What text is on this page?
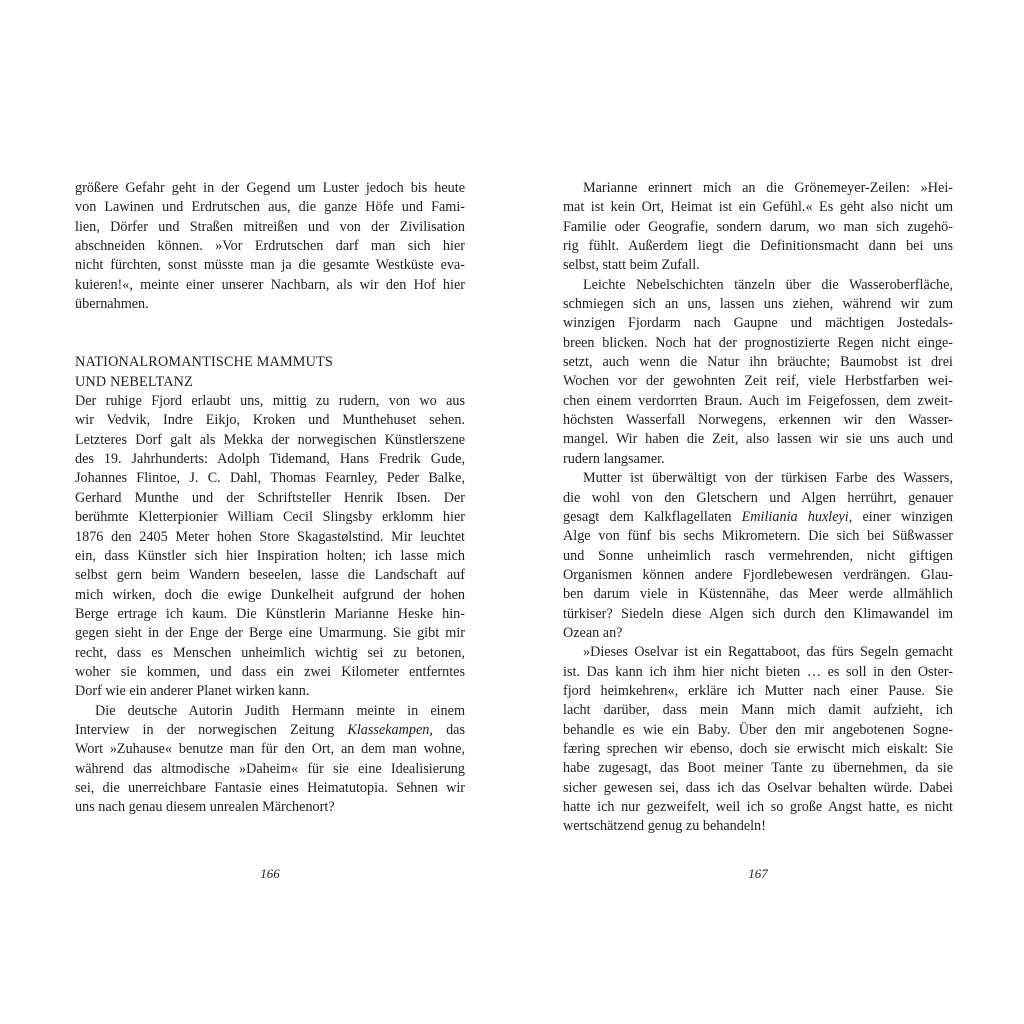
größere Gefahr geht in der Gegend um Luster jedoch bis heute
von Lawinen und Erdrutschen aus, die ganze Höfe und Fami-
lien, Dörfer und Straßen mitreißen und von der Zivilisation
abschneiden können. »Vor Erdrutschen darf man sich hier
nicht fürchten, sonst müsste man ja die gesamte Westküste eva-
kuieren!«, meinte einer unserer Nachbarn, als wir den Hof hier
übernahmen.
NATIONALROMANTISCHE MAMMUTS
UND NEBELTANZ
Der ruhige Fjord erlaubt uns, mittig zu rudern, von wo aus
wir Vedvik, Indre Eikjo, Kroken und Munthehuset sehen.
Letzteres Dorf galt als Mekka der norwegischen Künstlerszene
des 19. Jahrhunderts: Adolph Tidemand, Hans Fredrik Gude,
Johannes Flintoe, J. C. Dahl, Thomas Fearnley, Peder Balke,
Gerhard Munthe und der Schriftsteller Henrik Ibsen. Der
berühmte Kletterpionier William Cecil Slingsby erklomm hier
1876 den 2405 Meter hohen Store Skagastølstind. Mir leuchtet
ein, dass Künstler sich hier Inspiration holten; ich lasse mich
selbst gern beim Wandern beseelen, lasse die Landschaft auf
mich wirken, doch die ewige Dunkelheit aufgrund der hohen
Berge ertrage ich kaum. Die Künstlerin Marianne Heske hin-
gegen sieht in der Enge der Berge eine Umarmung. Sie gibt mir
recht, dass es Menschen unheimlich wichtig sei zu betonen,
woher sie kommen, und dass ein zwei Kilometer entferntes
Dorf wie ein anderer Planet wirken kann.
Die deutsche Autorin Judith Hermann meinte in einem
Interview in der norwegischen Zeitung Klassekampen, das
Wort »Zuhause« benutze man für den Ort, an dem man wohne,
während das altmodische »Daheim« für sie eine Idealisierung
sei, die unerreichbare Fantasie eines Heimatutopia. Sehnen wir
uns nach genau diesem unrealen Märchenort?
166
Marianne erinnert mich an die Grönemeyer-Zeilen: »Hei-
mat ist kein Ort, Heimat ist ein Gefühl.« Es geht also nicht um
Familie oder Geografie, sondern darum, wo man sich zugehö-
rig fühlt. Außerdem liegt die Definitionsmacht dann bei uns
selbst, statt beim Zufall.
Leichte Nebelschichten tänzeln über die Wasseroberfläche,
schmiegen sich an uns, lassen uns ziehen, während wir zum
winzigen Fjordarm nach Gaupne und mächtigen Jostedals-
breen blicken. Noch hat der prognostizierte Regen nicht einge-
setzt, auch wenn die Natur ihn bräuchte; Baumobst ist drei
Wochen vor der gewohnten Zeit reif, viele Herbstfarben wei-
chen einem verdorrten Braun. Auch im Feigefossen, dem zweit-
höchsten Wasserfall Norwegens, erkennen wir den Wasser-
mangel. Wir haben die Zeit, also lassen wir sie uns auch und
rudern langsamer.
Mutter ist überwältigt von der türkisen Farbe des Wassers,
die wohl von den Gletschern und Algen herrührt, genauer
gesagt dem Kalkflagellaten Emiliania huxleyi, einer winzigen
Alge von fünf bis sechs Mikrometern. Die sich bei Süßwasser
und Sonne unheimlich rasch vermehrenden, nicht giftigen
Organismen können andere Fjordlebewesen verdrängen. Glau-
ben darum viele in Küstennähe, das Meer werde allmählich
türkiser? Siedeln diese Algen sich durch den Klimawandel im
Ozean an?
»Dieses Oselvar ist ein Regattaboot, das fürs Segeln gemacht
ist. Das kann ich ihm hier nicht bieten … es soll in den Oster-
fjord heimkehren«, erkläre ich Mutter nach einer Pause. Sie
lacht darüber, dass mein Mann mich damit aufzieht, ich
behandle es wie ein Baby. Über den mir angebotenen Sogne-
færing sprechen wir ebenso, doch sie erwischt mich eiskalt: Sie
habe zugesagt, das Boot meiner Tante zu übernehmen, da sie
sicher gewesen sei, dass ich das Oselvar behalten würde. Dabei
hatte ich nur gezweifelt, weil ich so große Angst hatte, es nicht
wertschätzend genug zu behandeln!
167
